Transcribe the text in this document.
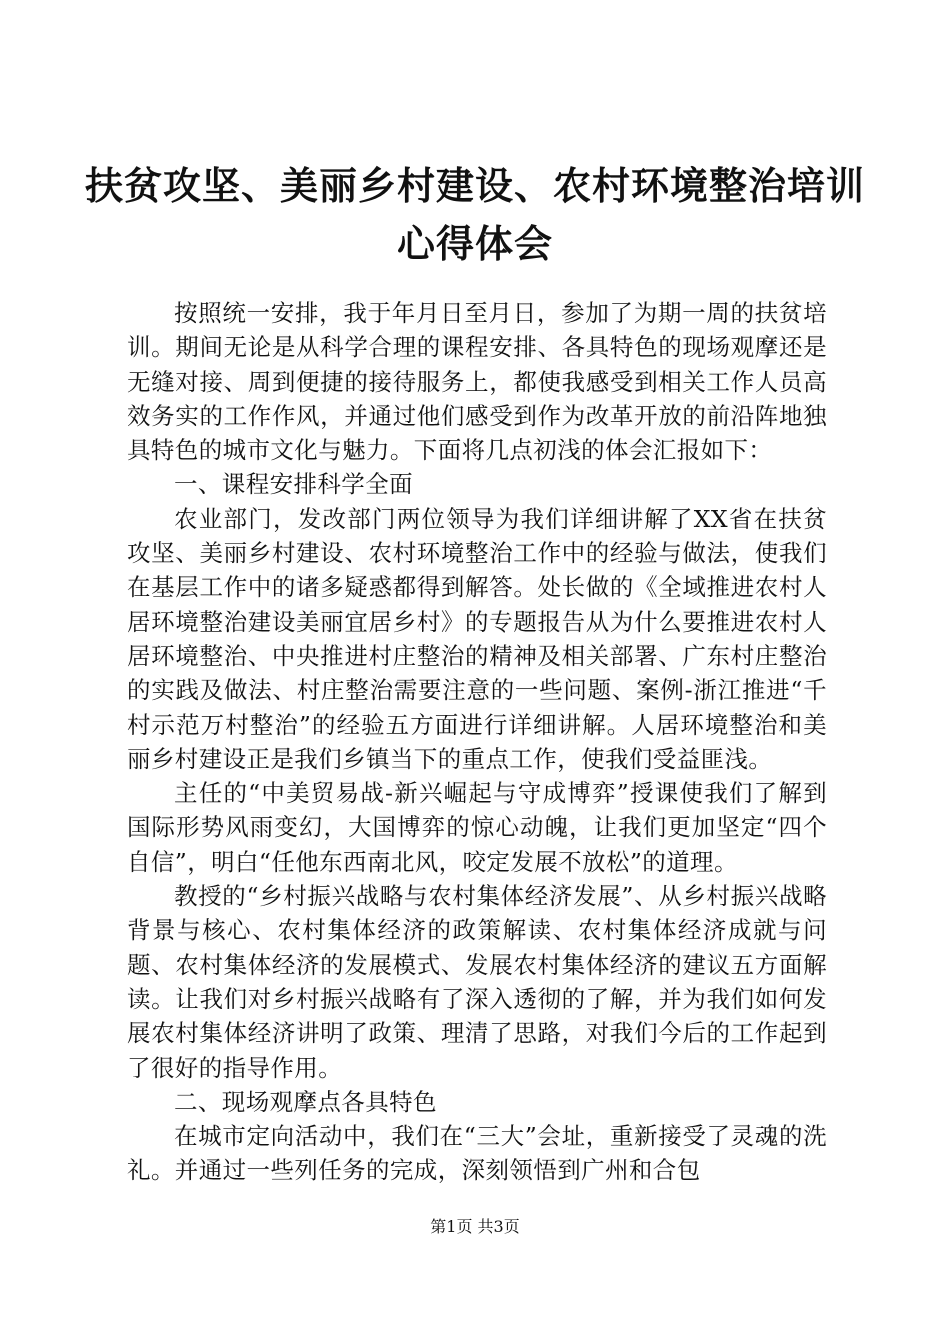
扶贫攻坚、美丽乡村建设、农村环境整治培训
心得体会

按照统一安排，我于年月日至月日，参加了为期一周的扶贫培训。期间无论是从科学合理的课程安排、各具特色的现场观摩还是无缝对接、周到便捷的接待服务上，都使我感受到相关工作人员高效务实的工作作风，并通过他们感受到作为改革开放的前沿阵地独具特色的城市文化与魅力。下面将几点初浅的体会汇报如下：

一、课程安排科学全面

农业部门，发改部门两位领导为我们详细讲解了XX省在扶贫攻坚、美丽乡村建设、农村环境整治工作中的经验与做法，使我们在基层工作中的诸多疑惑都得到解答。处长做的《全域推进农村人居环境整治建设美丽宜居乡村》的专题报告从为什么要推进农村人居环境整治、中央推进村庄整治的精神及相关部署、广东村庄整治的实践及做法、村庄整治需要注意的一些问题、案例-浙江推进“千村示范万村整治”的经验五方面进行详细讲解。人居环境整治和美丽乡村建设正是我们乡镇当下的重点工作，使我们受益匪浅。

主任的“中美贸易战-新兴崛起与守成博弈”授课使我们了解到国际形势风雨变幻，大国博弈的惊心动魄，让我们更加坚定“四个自信”，明白“任他东西南北风，咬定发展不放松”的道理。

教授的“乡村振兴战略与农村集体经济发展”、从乡村振兴战略背景与核心、农村集体经济的政策解读、农村集体经济成就与问题、农村集体经济的发展模式、发展农村集体经济的建议五方面解读。让我们对乡村振兴战略有了深入透彻的了解，并为我们如何发展农村集体经济讲明了政策、理清了思路，对我们今后的工作起到了很好的指导作用。

二、现场观摩点各具特色

在城市定向活动中，我们在“三大”会址，重新接受了灵魂的洗礼。并通过一些列任务的完成，深刻领悟到广州和合包

第1页 共3页
